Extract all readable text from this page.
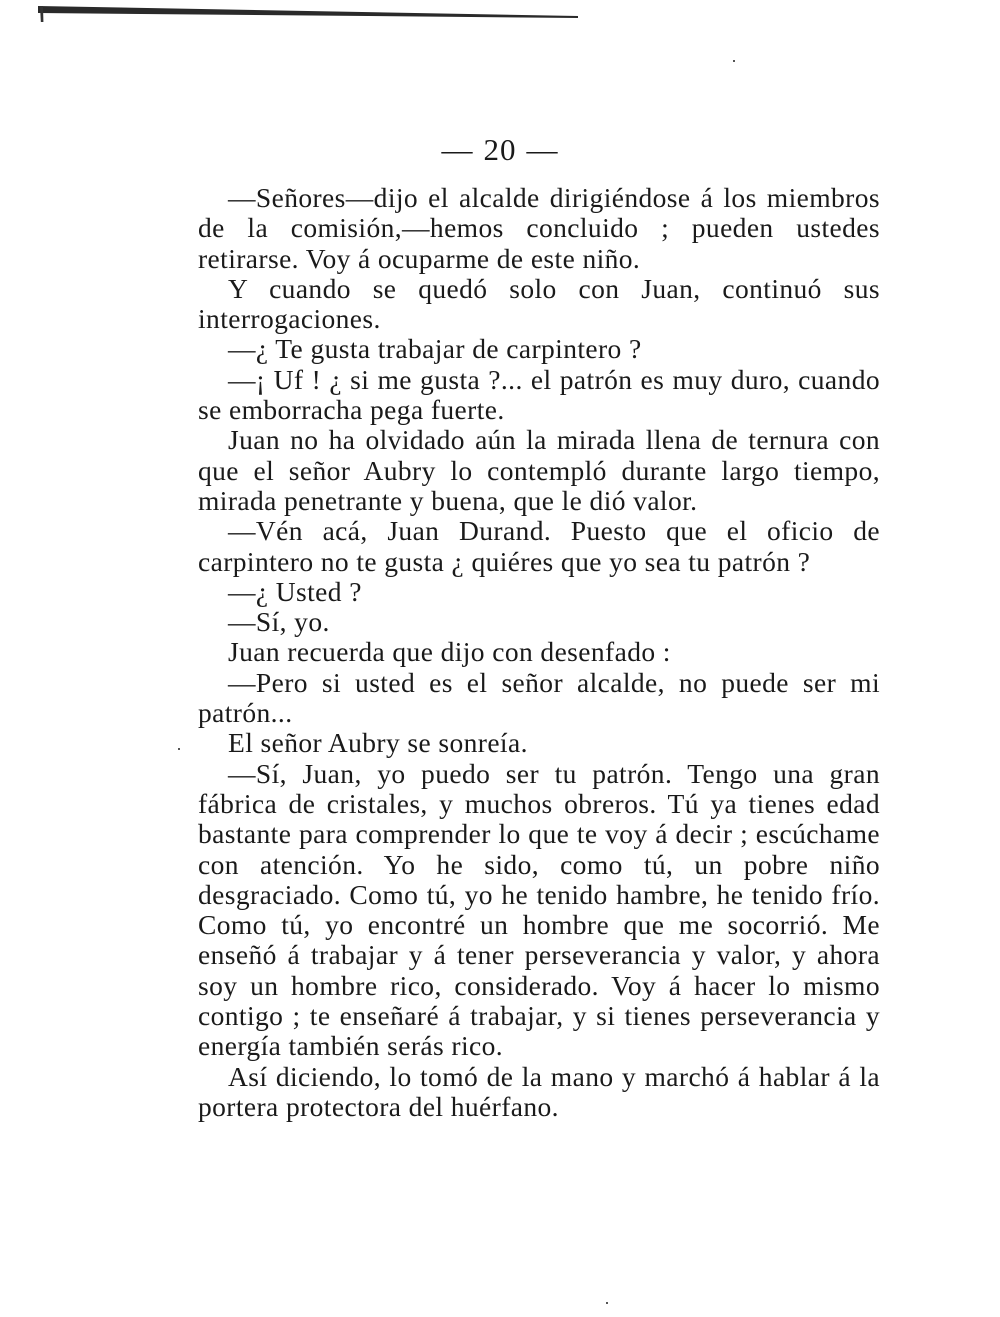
— 20 —

—Señores—dijo el alcalde dirigiéndose á los miembros de la comisión,—hemos concluido ; pueden ustedes retirarse. Voy á ocuparme de este niño.

Y cuando se quedó solo con Juan, continuó sus interrogaciones.

—¿ Te gusta trabajar de carpintero ?

—¡ Uf ! ¿ si me gusta ?... el patrón es muy duro, cuando se emborracha pega fuerte.

Juan no ha olvidado aún la mirada llena de ternura con que el señor Aubry lo contempló durante largo tiempo, mirada penetrante y buena, que le dió valor.

—Vén acá, Juan Durand. Puesto que el oficio de carpintero no te gusta ¿ quiéres que yo sea tu patrón ?

—¿ Usted ?

—Sí, yo.

Juan recuerda que dijo con desenfado :

—Pero si usted es el señor alcalde, no puede ser mi patrón...

El señor Aubry se sonreía.

—Sí, Juan, yo puedo ser tu patrón. Tengo una gran fábrica de cristales, y muchos obreros. Tú ya tienes edad bastante para comprender lo que te voy á decir ; escúchame con atención. Yo he sido, como tú, un pobre niño desgraciado. Como tú, yo he tenido hambre, he tenido frío. Como tú, yo encontré un hombre que me socorrió. Me enseñó á trabajar y á tener perseverancia y valor, y ahora soy un hombre rico, considerado. Voy á hacer lo mismo contigo ; te enseñaré á trabajar, y si tienes perseverancia y energía también serás rico.

Así diciendo, lo tomó de la mano y marchó á hablar á la portera protectora del huérfano.
